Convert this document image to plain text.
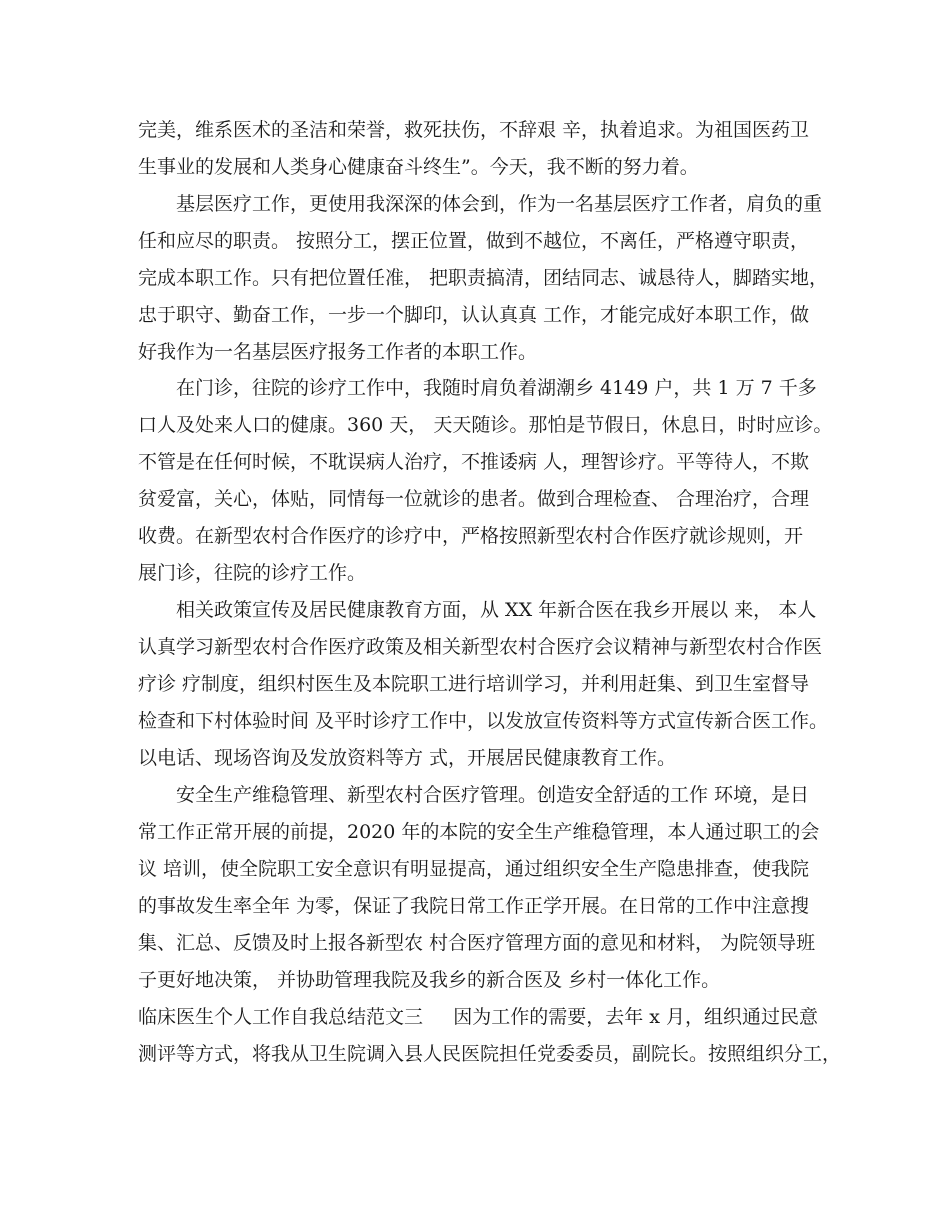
完美，维系医术的圣洁和荣誉，救死扶伤，不辞艰 辛，执着追求。为祖国医药卫
生事业的发展和人类身心健康奋斗终生”。今天，我不断的努力着。
基层医疗工作，更使用我深深的体会到，作为一名基层医疗工作者，肩负的重
任和应尽的职责。 按照分工，摆正位置，做到不越位，不离任，严格遵守职责，
完成本职工作。只有把位置任准， 把职责搞清，团结同志、诚恳待人，脚踏实地，
忠于职守、勤奋工作，一步一个脚印，认认真真 工作，才能完成好本职工作，做
好我作为一名基层医疗报务工作者的本职工作。
在门诊，往院的诊疗工作中，我随时肩负着湖潮乡 4149 户，共 1 万 7 千多
口人及处来人口的健康。360 天， 天天随诊。那怕是节假日，休息日，时时应诊。
不管是在任何时候，不耽误病人治疗，不推诿病 人，理智诊疗。平等待人，不欺
贫爱富，关心，体贴，同情每一位就诊的患者。做到合理检查、 合理治疗，合理
收费。在新型农村合作医疗的诊疗中，严格按照新型农村合作医疗就诊规则，开
展门诊，往院的诊疗工作。
相关政策宣传及居民健康教育方面，从 XX 年新合医在我乡开展以 来， 本人
认真学习新型农村合作医疗政策及相关新型农村合医疗会议精神与新型农村合作医
疗诊 疗制度，组织村医生及本院职工进行培训学习，并利用赶集、到卫生室督导
检查和下村体验时间 及平时诊疗工作中，以发放宣传资料等方式宣传新合医工作。
以电话、现场咨询及发放资料等方 式，开展居民健康教育工作。
安全生产维稳管理、新型农村合医疗管理。创造安全舒适的工作 环境，是日
常工作正常开展的前提，2020 年的本院的安全生产维稳管理，本人通过职工的会
议 培训，使全院职工安全意识有明显提高，通过组织安全生产隐患排查，使我院
的事故发生率全年 为零，保证了我院日常工作正学开展。在日常的工作中注意搜
集、汇总、反馈及时上报各新型农 村合医疗管理方面的意见和材料， 为院领导班
子更好地决策， 并协助管理我院及我乡的新合医及 乡村一体化工作。
临床医生个人工作自我总结范文三     因为工作的需要，去年 x 月，组织通过民意
测评等方式，将我从卫生院调入县人民医院担任党委委员，副院长。按照组织分工，
